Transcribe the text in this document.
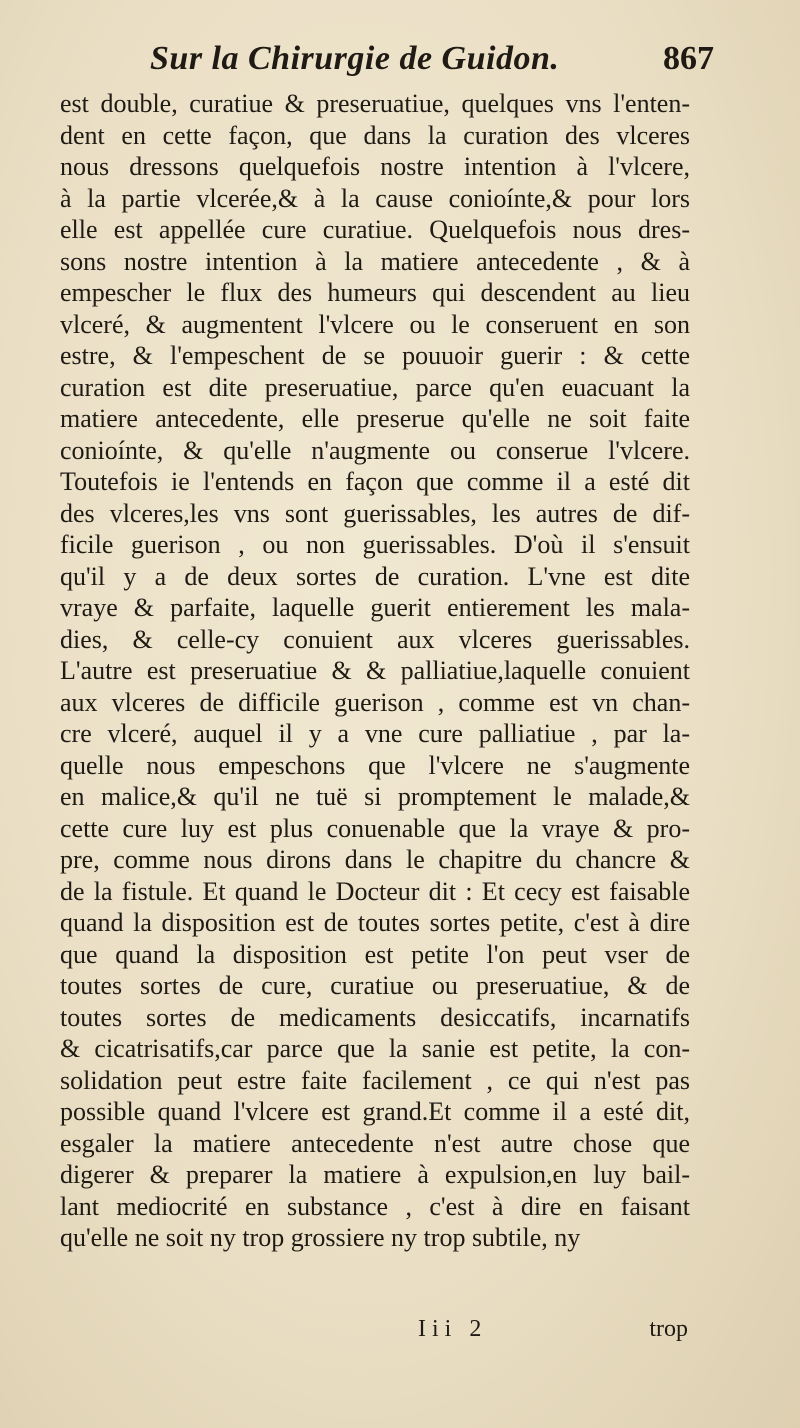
Sur la Chirurgie de Guidon.	867
est double, curatiue & preseruatiue, quelques vns l'enten-
dent en cette façon, que dans la curation des vlceres
nous dressons quelquefois nostre intention à l'vlcere,
à la partie vlcerée,& à la cause conioínte,& pour lors
elle est appellée cure curatiue. Quelquefois nous dres-
sons nostre intention à la matiere antecedente , & à
empescher le flux des humeurs qui descendent au lieu
vlceré, & augmentent l'vlcere ou le conseruent en son
estre, & l'empeschent de se pouuoir guerir : & cette
curation est dite preseruatiue, parce qu'en euacuant la
matiere antecedente, elle preserue qu'elle ne soit faite
conioínte, & qu'elle n'augmente ou conserue l'vlcere.
Toutefois ie l'entends en façon que comme il a esté dit
des vlceres,les vns sont guerissables, les autres de dif-
ficile guerison , ou non guerissables. D'où il s'ensuit
qu'il y a de deux sortes de curation. L'vne est dite
vraye & parfaite, laquelle guerit entierement les mala-
dies, & celle-cy conuient aux vlceres guerissables.
L'autre est preseruatiue & & palliatiue,laquelle conuient
aux vlceres de difficile guerison , comme est vn chan-
cre vlceré, auquel il y a vne cure palliatiue , par la-
quelle nous empeschons que l'vlcere ne s'augmente
en malice,& qu'il ne tuë si promptement le malade,&
cette cure luy est plus conuenable que la vraye & pro-
pre, comme nous dirons dans le chapitre du chancre &
de la fistule. Et quand le Docteur dit : Et cecy est faisable
quand la disposition est de toutes sortes petite, c'est à dire
que quand la disposition est petite l'on peut vser de
toutes sortes de cure, curatiue ou preseruatiue, & de
toutes sortes de medicaments desiccatifs, incarnatifs
& cicatrisatifs,car parce que la sanie est petite, la con-
solidation peut estre faite facilement , ce qui n'est pas
possible quand l'vlcere est grand.Et comme il a esté dit,
esgaler la matiere antecedente n'est autre chose que
digerer & preparer la matiere à expulsion,en luy bail-
lant mediocrité en substance , c'est à dire en faisant
qu'elle ne soit ny trop grossiere ny trop subtile, ny
Iii 2	trop
